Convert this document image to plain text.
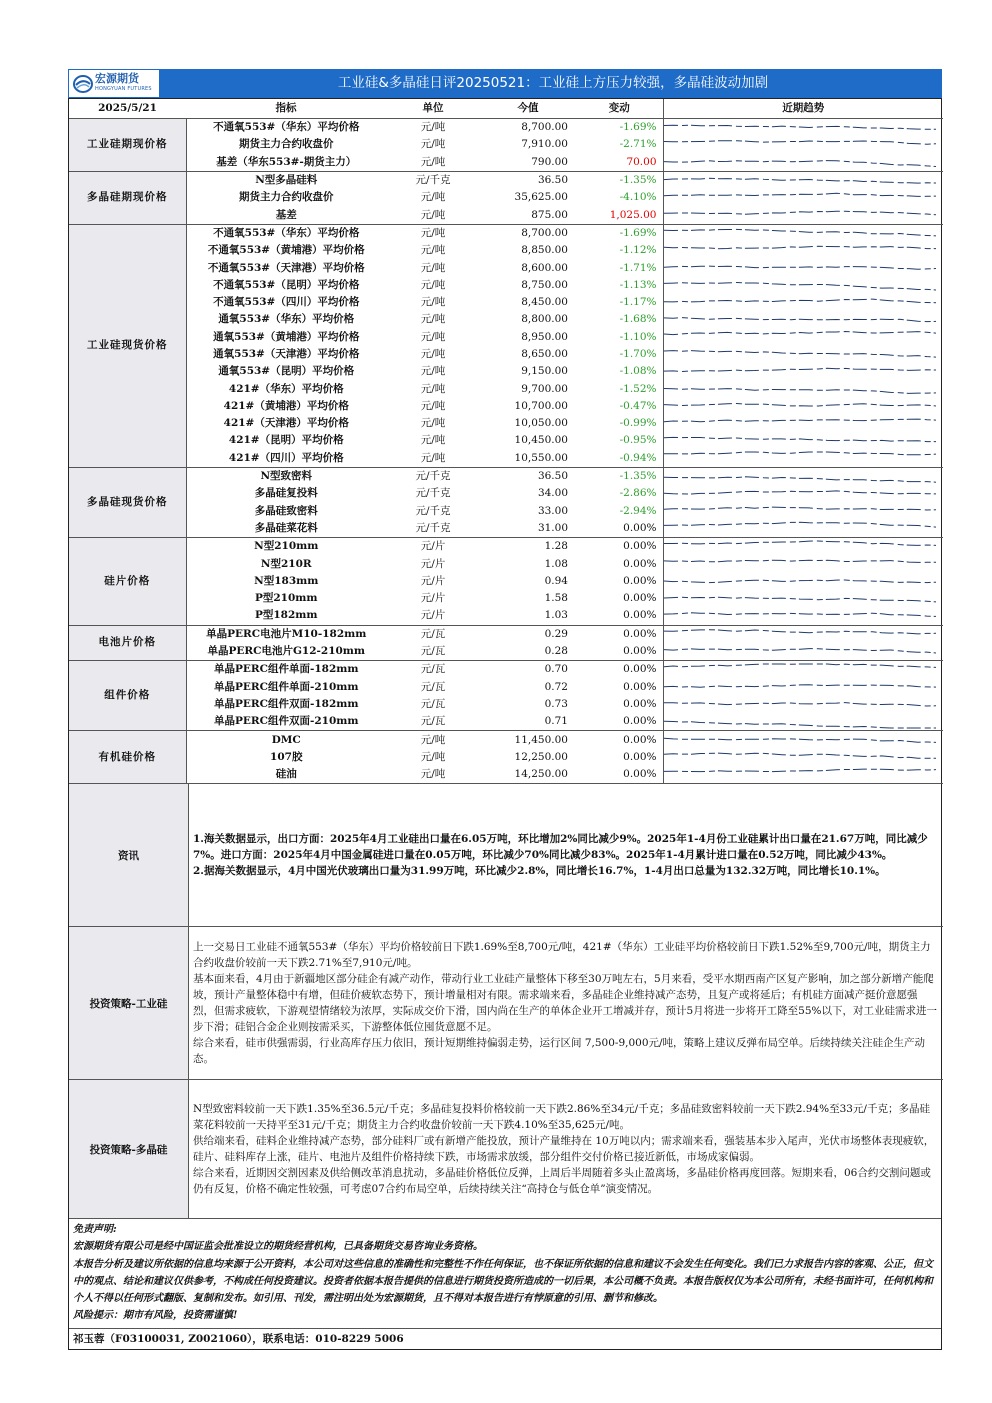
宏源期货
HONGYUAN FUTURES	工业硅&多晶硅日评20250521：工业硅上方压力较强，多晶硅波动加剧
2025/5/21	指标	单位	今值	变动	近期趋势
工业硅期现价格	不通氧553#（华东）平均价格	元/吨	8,700.00	-1.69%	

	期货主力合约收盘价	元/吨	7,910.00	-2.71%	

	基差（华东553#-期货主力）	元/吨	790.00	70.00	

多晶硅期现价格	N型多晶硅料	元/千克	36.50	-1.35%	

	期货主力合约收盘价	元/吨	35,625.00	-4.10%	

	基差	元/吨	875.00	1,025.00	

工业硅现货价格	不通氧553#（华东）平均价格	元/吨	8,700.00	-1.69%	

	不通氧553#（黄埔港）平均价格	元/吨	8,850.00	-1.12%	

	不通氧553#（天津港）平均价格	元/吨	8,600.00	-1.71%	

	不通氧553#（昆明）平均价格	元/吨	8,750.00	-1.13%	

	不通氧553#（四川）平均价格	元/吨	8,450.00	-1.17%	

	通氧553#（华东）平均价格	元/吨	8,800.00	-1.68%	

	通氧553#（黄埔港）平均价格	元/吨	8,950.00	-1.10%	

	通氧553#（天津港）平均价格	元/吨	8,650.00	-1.70%	

	通氧553#（昆明）平均价格	元/吨	9,150.00	-1.08%	

	421#（华东）平均价格	元/吨	9,700.00	-1.52%	

	421#（黄埔港）平均价格	元/吨	10,700.00	-0.47%	

	421#（天津港）平均价格	元/吨	10,050.00	-0.99%	

	421#（昆明）平均价格	元/吨	10,450.00	-0.95%	

	421#（四川）平均价格	元/吨	10,550.00	-0.94%	

多晶硅现货价格	N型致密料	元/千克	36.50	-1.35%	

	多晶硅复投料	元/千克	34.00	-2.86%	

	多晶硅致密料	元/千克	33.00	-2.94%	

	多晶硅菜花料	元/千克	31.00	0.00%	

硅片价格	N型210mm	元/片	1.28	0.00%	

	N型210R	元/片	1.08	0.00%	

	N型183mm	元/片	0.94	0.00%	

	P型210mm	元/片	1.58	0.00%	

	P型182mm	元/片	1.03	0.00%	

电池片价格	单晶PERC电池片M10-182mm	元/瓦	0.29	0.00%	

	单晶PERC电池片G12-210mm	元/瓦	0.28	0.00%	

组件价格	单晶PERC组件单面-182mm	元/瓦	0.70	0.00%	

	单晶PERC组件单面-210mm	元/瓦	0.72	0.00%	

	单晶PERC组件双面-182mm	元/瓦	0.73	0.00%	

	单晶PERC组件双面-210mm	元/瓦	0.71	0.00%	

有机硅价格	DMC	元/吨	11,450.00	0.00%	

	107胶	元/吨	12,250.00	0.00%	

	硅油	元/吨	14,250.00	0.00%	
资讯	1.海关数据显示，出口方面：2025年4月工业硅出口量在6.05万吨，环比增加2%同比减少9%。2025年1-4月份工业硅累计出口量在21.67万吨，同比减少7%。进口方面：2025年4月中国金属硅进口量在0.05万吨，环比减少70%同比减少83%。2025年1-4月累计进口量在0.52万吨，同比减少43%。

2.据海关数据显示，4月中国光伏玻璃出口量为31.99万吨，环比减少2.8%，同比增长16.7%，1-4月出口总量为132.32万吨，同比增长10.1%。

投资策略-工业硅	上一交易日工业硅不通氧553#（华东）平均价格较前日下跌1.69%至8,700元/吨，421#（华东）工业硅平均价格较前日下跌1.52%至9,700元/吨，期货主力合约收盘价较前一天下跌2.71%至7,910元/吨。

基本面来看，4月由于新疆地区部分硅企有减产动作，带动行业工业硅产量整体下移至30万吨左右，5月来看，受平水期西南产区复产影响，加之部分新增产能爬坡，预计产量整体稳中有增，但硅价疲软态势下，预计增量相对有限。需求端来看，多晶硅企业维持减产态势，且复产或将延后；有机硅方面减产挺价意愿强烈，但需求疲软，下游观望情绪较为浓厚，实际成交价下滑，国内尚在生产的单体企业开工增减并存，预计5月将进一步将开工降至55%以下，对工业硅需求进一步下滑；硅铝合金企业则按需采买，下游整体低位囤货意愿不足。

综合来看，硅市供强需弱，行业高库存压力依旧，预计短期维持偏弱走势，运行区间 7,500-9,000元/吨，策略上建议反弹布局空单。后续持续关注硅企生产动态。

投资策略-多晶硅	N型致密料较前一天下跌1.35%至36.5元/千克；多晶硅复投料价格较前一天下跌2.86%至34元/千克；多晶硅致密料较前一天下跌2.94%至33元/千克；多晶硅菜花料较前一天持平至31元/千克；期货主力合约收盘价较前一天下跌4.10%至35,625元/吨。

供给端来看，硅料企业维持减产态势，部分硅料厂或有新增产能投放，预计产量维持在 10万吨以内；需求端来看，强装基本步入尾声，光伏市场整体表现疲软，硅片、硅料库存上涨，硅片、电池片及组件价格持续下跌，市场需求放缓，部分组件交付价格已接近新低，市场成家偏弱。

综合来看，近期因交割因素及供给侧改革消息扰动，多晶硅价格低位反弹，上周后半周随着多头止盈离场，多晶硅价格再度回落。短期来看，06合约交割问题或仍有反复，价格不确定性较强，可考虑07合约布局空单，后续持续关注“高持仓与低仓单”演变情况。

免责声明:

宏源期货有限公司是经中国证监会批准设立的期货经营机构，已具备期货交易咨询业务资格。

本报告分析及建议所依据的信息均来源于公开资料，本公司对这些信息的准确性和完整性不作任何保证，也不保证所依据的信息和建议不会发生任何变化。我们已力求报告内容的客观、公正，但文中的观点、结论和建议仅供参考，不构成任何投资建议。投资者依据本报告提供的信息进行期货投资所造成的一切后果，本公司概不负责。本报告版权仅为本公司所有，未经书面许可，任何机构和个人不得以任何形式翻版、复制和发布。如引用、刊发，需注明出处为宏源期货，且不得对本报告进行有悖原意的引用、删节和修改。

风险提示：期市有风险，投资需谨慎!

祁玉蓉（F03100031, Z0021060），联系电话：010-8229 5006
